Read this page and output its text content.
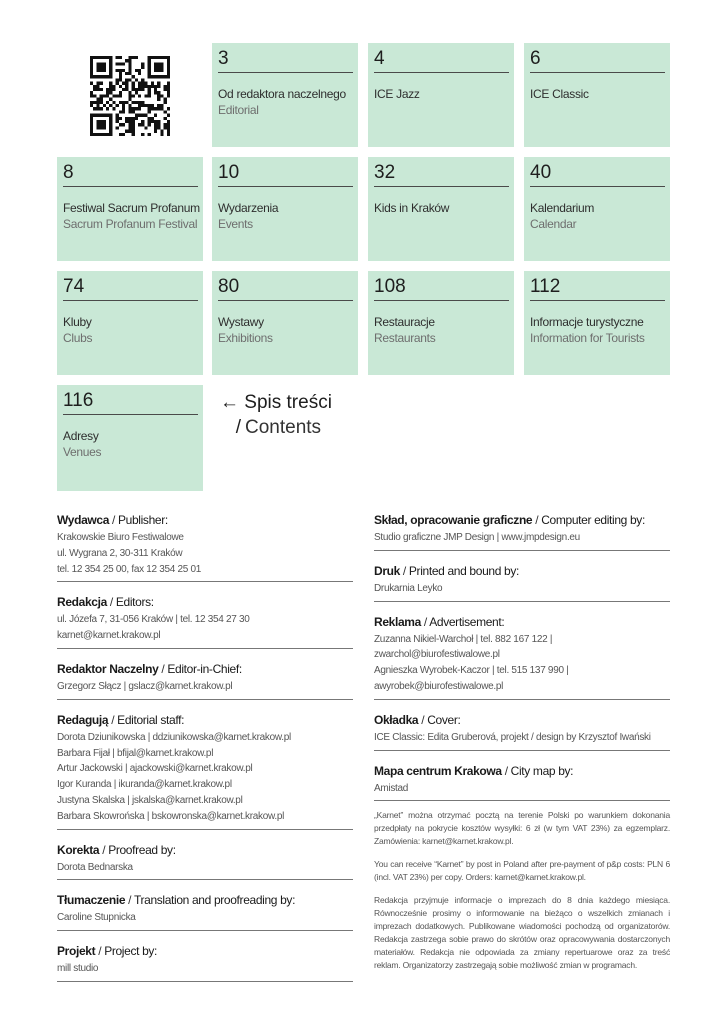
3
Od redaktora naczelnego
Editorial
4
ICE Jazz
6
ICE Classic
8
Festiwal Sacrum Profanum
Sacrum Profanum Festival
10
Wydarzenia
Events
32
Kids in Kraków
40
Kalendarium
Calendar
74
Kluby
Clubs
80
Wystawy
Exhibitions
108
Restauracje
Restaurants
112
Informacje turystyczne
Information for Tourists
116
Adresy
Venues
← Spis treści
/ Contents
Wydawca / Publisher:
Krakowskie Biuro Festiwalowe
ul. Wygrana 2, 30-311 Kraków
tel. 12 354 25 00, fax 12 354 25 01
Redakcja / Editors:
ul. Józefa 7, 31-056 Kraków | tel. 12 354 27 30
karnet@karnet.krakow.pl
Redaktor Naczelny / Editor-in-Chief:
Grzegorz Słącz | gslacz@karnet.krakow.pl
Redagują / Editorial staff:
Dorota Dziunikowska | ddziunikowska@karnet.krakow.pl
Barbara Fijał | bfijal@karnet.krakow.pl
Artur Jackowski | ajackowski@karnet.krakow.pl
Igor Kuranda | ikuranda@karnet.krakow.pl
Justyna Skalska | jskalska@karnet.krakow.pl
Barbara Skowrońska | bskowronska@karnet.krakow.pl
Korekta / Proofread by:
Dorota Bednarska
Tłumaczenie / Translation and proofreading by:
Caroline Stupnicka
Projekt / Project by:
mill studio
Skład, opracowanie graficzne / Computer editing by:
Studio graficzne JMP Design | www.jmpdesign.eu
Druk / Printed and bound by:
Drukarnia Leyko
Reklama / Advertisement:
Zuzanna Nikiel-Warchoł | tel. 882 167 122 |
zwarchol@biurofestiwalowe.pl
Agnieszka Wyrobek-Kaczor | tel. 515 137 990 |
awyrobek@biurofestiwalowe.pl
Okładka / Cover:
ICE Classic: Edita Gruberová, projekt / design by Krzysztof Iwański
Mapa centrum Krakowa / City map by:
Amistad

„Karnet” można otrzymać pocztą na terenie Polski po warunkiem dokonania przedpłaty na pokrycie kosztów wysyłki: 6 zł (w tym VAT 23%) za egzemplarz. Zamówienia: karnet@karnet.krakow.pl.

You can receive “Karnet” by post in Poland after pre-payment of p&p costs: PLN 6 (incl. VAT 23%) per copy. Orders: karnet@karnet.krakow.pl.

Redakcja przyjmuje informacje o imprezach do 8 dnia każdego miesiąca. Równocześnie prosimy o informowanie na bieżąco o wszelkich zmianach i imprezach dodatkowych. Publikowane wiadomości pochodzą od organizatorów. Redakcja zastrzega sobie prawo do skrótów oraz opracowywania dostarczonych materiałów. Redakcja nie odpowiada za zmiany repertuarowe oraz za treść reklam. Organizatorzy zastrzegają sobie możliwość zmian w programach.
